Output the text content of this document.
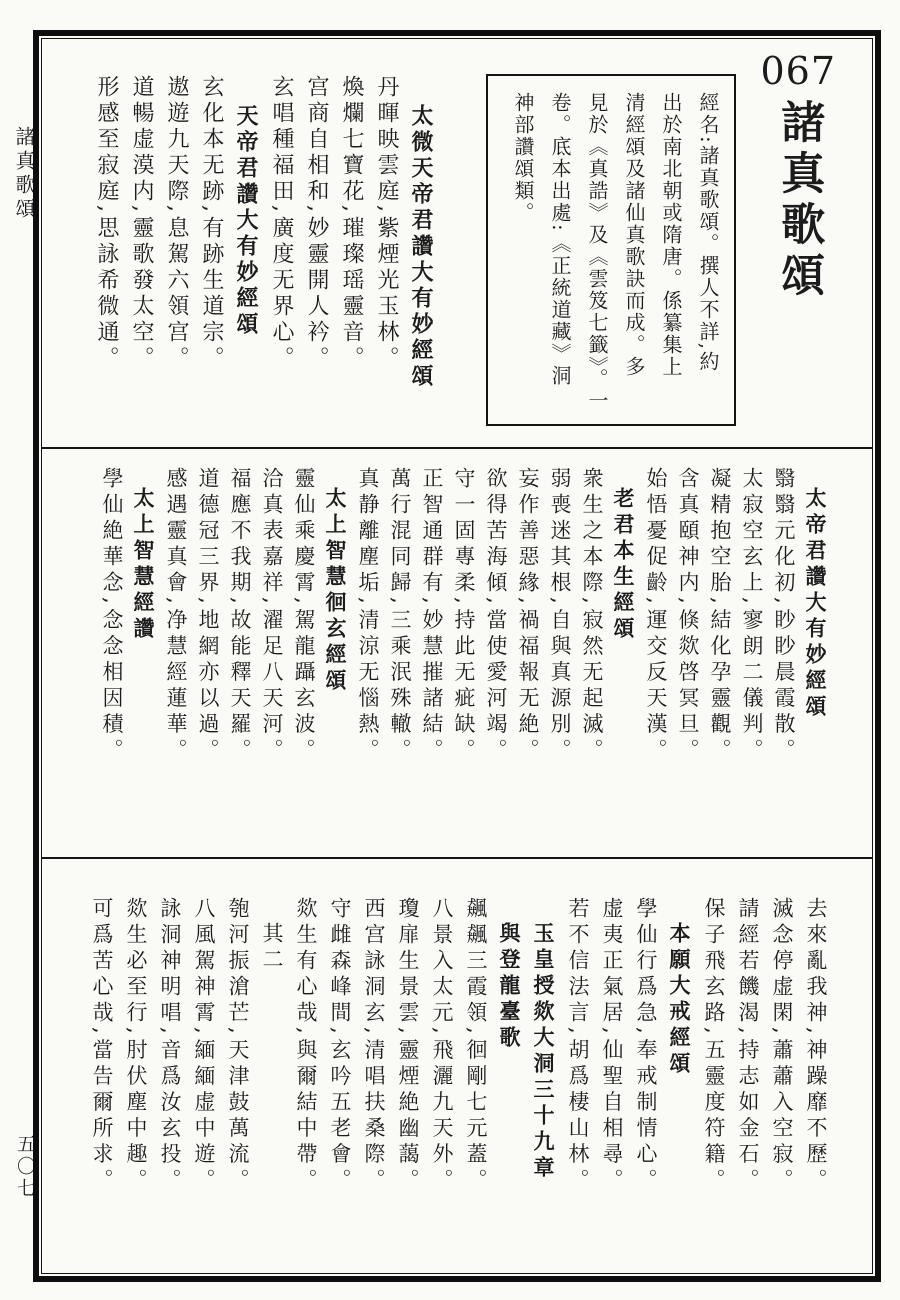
諸真歌頌
五〇七
067
諸真歌頌
經名:諸真歌頌。撰人不詳,約
出於南北朝或隋唐。係纂集上
清經頌及諸仙真歌訣而成。多
見於《真誥》及《雲笈七籤》。一
卷。底本出處:《正統道藏》洞
神部讚頌類。
太微天帝君讚大有妙經頌
丹暉映雲庭,紫煙光玉林。
煥爛七寶花,璀璨瑶靈音。
宫商自相和,妙靈開人衿。
玄唱種福田,廣度无界心。
天帝君讚大有妙經頌
玄化本无跡,有跡生道宗。
遨遊九天際,息駕六領宫。
道暢虚漠内,靈歌發太空。
形感至寂庭,思詠希微通。
太帝君讚大有妙經頌
翳翳元化初,眇眇晨霞散。
太寂空玄上,寥朗二儀判。
凝精抱空胎,結化孕靈觀。
含真頤神内,倏欻啓冥旦。
始悟憂促齡,運交反天漢。
老君本生經頌
衆生之本際,寂然无起滅。
弱喪迷其根,自與真源別。
妄作善惡緣,禍福報无絶。
欲得苦海傾,當使愛河竭。
守一固專柔,持此无疵缺。
正智通群有,妙慧摧諸結。
萬行混同歸,三乘泯殊轍。
真静離塵垢,清涼无惱熱。
太上智慧徊玄經頌
靈仙乘慶霄,駕龍躡玄波。
洽真表嘉祥,濯足八天河。
福應不我期,故能釋天羅。
道德冠三界,地網亦以過。
感遇靈真會,净慧經蓮華。
太上智慧經讚
學仙絶華念,念念相因積。
去來亂我神,神躁靡不歷。
滅念停虚閑,蕭蕭入空寂。
請經若饑渴,持志如金石。
保子飛玄路,五靈度符籍。
本願大戒經頌
學仙行爲急,奉戒制情心。
虚夷正氣居,仙聖自相尋。
若不信法言,胡爲棲山林。
玉皇授欻大洞三十九章
與登龍臺歌
飆飆三霞領,徊剛七元蓋。
八景入太元,飛灑九天外。
瓊扉生景雲,靈煙絶幽藹。
西宫詠洞玄,清唱扶桑際。
守雌森峰間,玄吟五老會。
欻生有心哉,與爾結中帶。
其二
匏河振滄芒,天津鼓萬流。
八風駕神霄,緬緬虚中遊。
詠洞神明唱,音爲汝玄投。
欻生必至行,肘伏塵中趣。
可爲苦心哉,當告爾所求。
